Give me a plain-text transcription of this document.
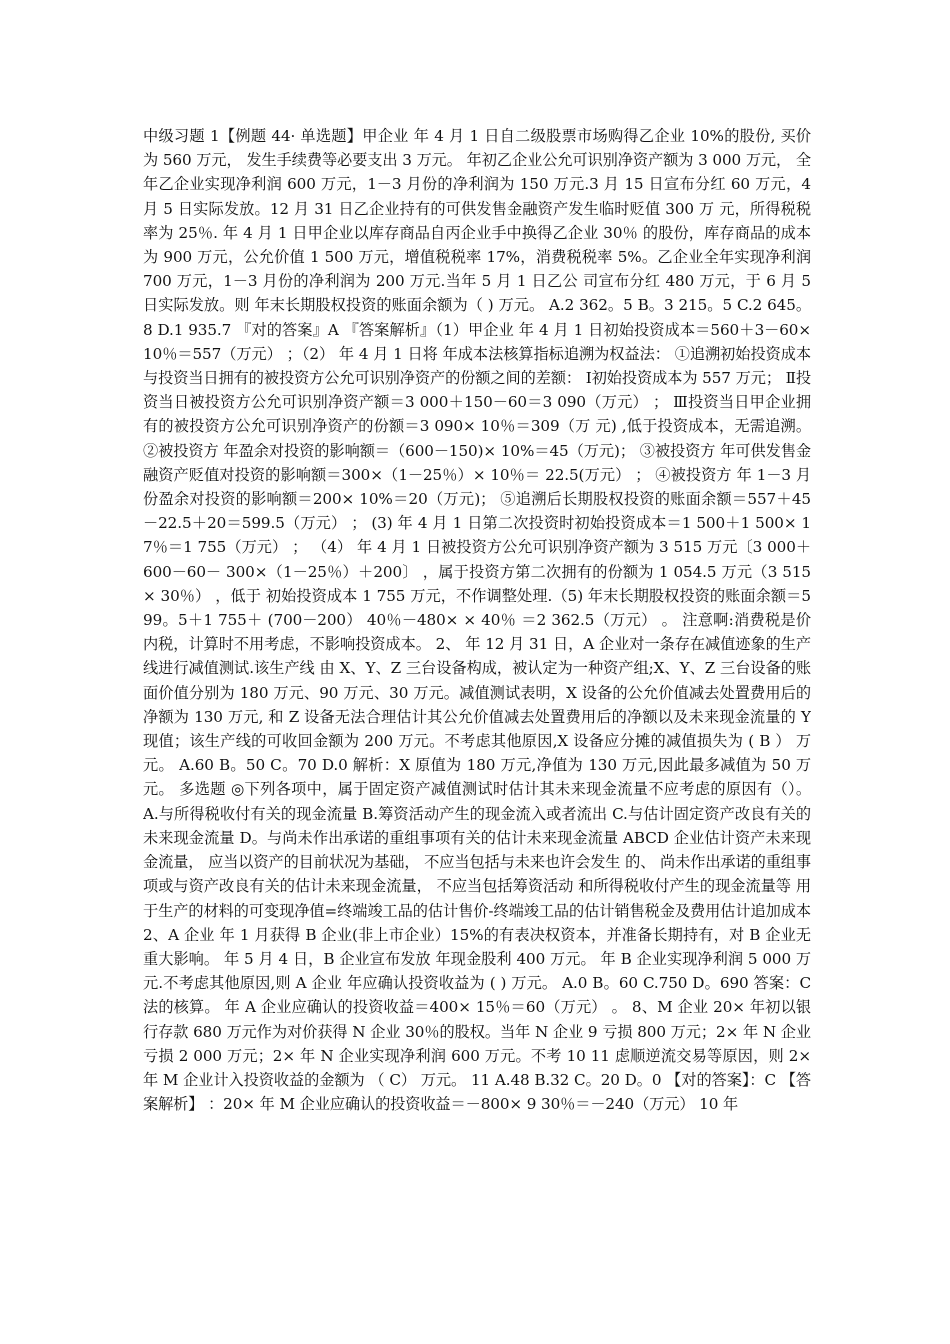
中级习题 1【例题 44· 单选题】甲企业 年 4 月 1 日自二级股票市场购得乙企业 10%的股份, 买价 为 560 万元， 发生手续费等必要支出 3 万元。 年初乙企业公允可识别净资产额为 3 000 万元， 全年乙企业实现净利润 600 万元，1－3 月份的净利润为 150 万元.3 月 15 日宣布分红 60 万元，4 月 5 日实际发放。12 月 31 日乙企业持有的可供发售金融资产发生临时贬值 300 万 元，所得税税率为 25％. 年 4 月 1 日甲企业以库存商品自丙企业手中换得乙企业 30％ 的股份，库存商品的成本为 900 万元，公允价值 1 500 万元，增值税税率 17%，消费税税率 5%。乙企业全年实现净利润 700 万元，1－3 月份的净利润为 200 万元.当年 5 月 1 日乙公 司宣布分红 480 万元，于 6 月 5 日实际发放。则 年末长期股权投资的账面余额为（ ) 万元。 A.2 362。5 B。3 215。5 C.2 645。8 D.1 935.7 『对的答案』A 『答案解析』（1）甲企业 年 4 月 1 日初始投资成本＝560＋3－60× 10％＝557（万元） ；（2） 年 4 月 1 日将 年成本法核算指标追溯为权益法： ①追溯初始投资成本与投资当日拥有的被投资方公允可识别净资产的份额之间的差额： Ⅰ初始投资成本为 557 万元； Ⅱ投资当日被投资方公允可识别净资产额＝3 000＋150－60＝3 090（万元） ； Ⅲ投资当日甲企业拥有的被投资方公允可识别净资产的份额＝3 090× 10％＝309（万 元) ,低于投资成本，无需追溯。 ②被投资方 年盈余对投资的影响额＝（600－150)× 10%＝45（万元)； ③被投资方 年可供发售金融资产贬值对投资的影响额＝300×（1－25％）× 10％＝ 22.5(万元） ； ④被投资方 年 1－3 月份盈余对投资的影响额＝200× 10%＝20（万元)； ⑤追溯后长期股权投资的账面余额＝557＋45－22.5＋20＝599.5（万元） ； (3) 年 4 月 1 日第二次投资时初始投资成本＝1 500＋1 500× 17％＝1 755（万元） ； （4） 年 4 月 1 日被投资方公允可识别净资产额为 3 515 万元〔3 000＋600－60－ 300×（1－25％）＋200〕 ，属于投资方第二次拥有的份额为 1 054.5 万元（3 515× 30％） ，低于 初始投资成本 1 755 万元，不作调整处理.（5) 年末长期股权投资的账面余额＝599。5＋1 755＋ (700－200） 40％－480× × 40％ ＝2 362.5（万元） 。 注意啊:消费税是价内税，计算时不用考虑，不影响投资成本。 2、 年 12 月 31 日，A 企业对一条存在减值迹象的生产线进行减值测试.该生产线 由 X、Y、Z 三台设备构成，被认定为一种资产组;X、Y、Z 三台设备的账面价值分别为 180 万元、90 万元、30 万元。减值测试表明，X 设备的公允价值减去处置费用后的净额为 130 万元, 和 Z 设备无法合理估计其公允价值减去处置费用后的净额以及未来现金流量的 Y 现值；该生产线的可收回金额为 200 万元。不考虑其他原因,X 设备应分摊的减值损失为 ( B ） 万元。 A.60 B。50 C。70 D.0 解析：X 原值为 180 万元,净值为 130 万元,因此最多减值为 50 万元。 多选题 ◎下列各项中，属于固定资产减值测试时估计其未来现金流量不应考虑的原因有（）。 A.与所得税收付有关的现金流量 B.筹资活动产生的现金流入或者流出 C.与估计固定资产改良有关的未来现金流量 D。与尚未作出承诺的重组事项有关的估计未来现金流量 ABCD 企业估计资产未来现金流量， 应当以资产的目前状况为基础， 不应当包括与未来也许会发生 的、 尚未作出承诺的重组事项或与资产改良有关的估计未来现金流量， 不应当包括筹资活动 和所得税收付产生的现金流量等 用于生产的材料的可变现净值=终端竣工品的估计售价-终端竣工品的估计销售税金及费用估计追加成本 2、A 企业 年 1 月获得 B 企业(非上市企业）15%的有表决权资本，并准备长期持有，对 B 企业无重大影响。 年 5 月 4 日，B 企业宣布发放 年现金股利 400 万元。 年 B 企业实现净利润 5 000 万元.不考虑其他原因,则 A 企业 年应确认投资收益为 ( ) 万元。 A.0 B。60 C.750 D。690 答案：C 法的核算。 年 A 企业应确认的投资收益＝400× 15％＝60（万元） 。 8、M 企业 20× 年初以银行存款 680 万元作为对价获得 N 企业 30％的股权。当年 N 企业 9 亏损 800 万元；2× 年 N 企业亏损 2 000 万元；2× 年 N 企业实现净利润 600 万元。不考 10 11 虑顺逆流交易等原因，则 2× 年 M 企业计入投资收益的金额为 （ C） 万元。 11 A.48 B.32 C。20 D。0 【对的答案】：C 【答案解析】 ：20× 年 M 企业应确认的投资收益＝－800× 9 30％＝－240（万元） 10 年
